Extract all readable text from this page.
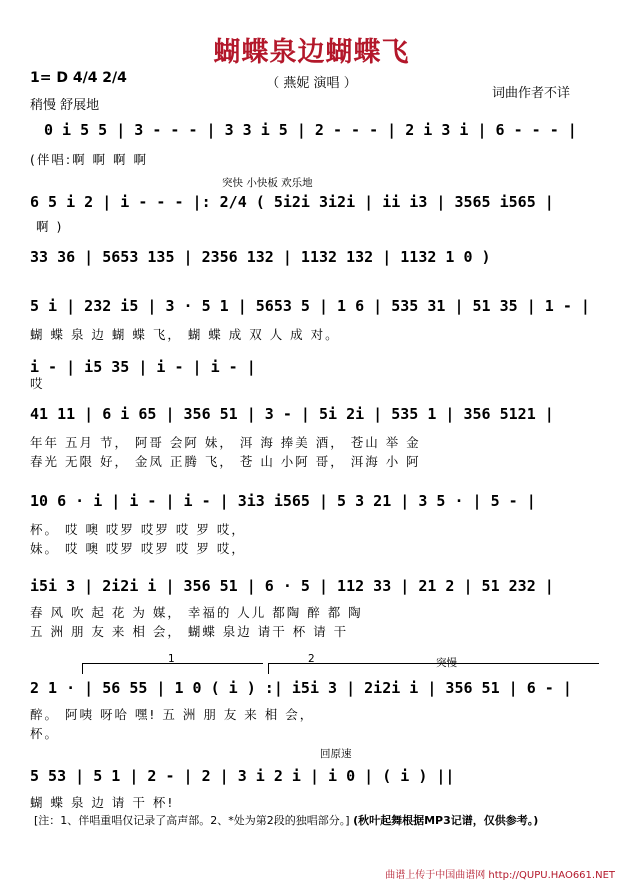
蝴蝶泉边蝴蝶飞
（ 燕妮 演唱 ）
1= D 4/4 2/4
稍慢 舒展地
词曲作者不详
0 i 5 5 | 3 - - - | 3 3 i 5 | 2 - - - | 2 i 3 i | 6 - - - |
(伴唱:啊 啊 啊 啊
突快 小快板 欢乐地
6 5 i 2 | i - - - |: 2/4 ( 5i2i 3i2i | ii i3 | 3565 i565 |
啊 )
33 36 | 5653 135 | 2356 132 | 1132 132 | 1132 1 0 )
5 i | 232 i5 | 3 · 5 1 | 5653 5 | 1 6 | 535 31 | 51 35 | 1 - |
蝴 蝶 泉 边 蝴 蝶 飞， 蝴 蝶 成 双 人 成 对。
i - | i5 35 | i - | i - |
哎
41 11 | 6 i 65 | 356 51 | 3 - | 5i 2i | 535 1 | 356 5121 |
年年 五月 节， 阿哥 会阿 妹， 洱 海 捧美 酒， 苍山 举 金
春光 无限 好， 金凤 正腾 飞， 苍 山 小阿 哥， 洱海 小 阿
10 6 · i | i - | i - | 3i3 i565 | 5 3 21 | 3 5 · | 5 - |
杯。 哎 噢 哎罗 哎罗 哎 罗 哎，
妹。 哎 噢 哎罗 哎罗 哎 罗 哎，
i5i 3 | 2i2i i | 356 51 | 6 · 5 | 112 33 | 21 2 | 51 232 |
春 风 吹 起 花 为 媒， 幸福的 人儿 都陶 醉 都 陶
五 洲 朋 友 来 相 会， 蝴蝶 泉边 请干 杯 请 干
1	2	突慢
2 1 · | 56 55 | 1 0 ( i ) :| i5i 3 | 2i2i i | 356 51 | 6 - |
醉。 阿咦 呀哈 嘿! 五 洲 朋 友 来 相 会，
杯。
回原速
5 53 | 5 1 | 2 - | 2 | 3 i 2 i | i 0 | ( i ) ||
蝴 蝶 泉 边 请 干 杯!
[注：1、伴唱重唱仅记录了高声部。2、*处为第2段的独唱部分。] (秋叶起舞根据MP3记谱，仅供参考。)
曲谱上传于中国曲谱网 http://QUPU.HAO661.NET
